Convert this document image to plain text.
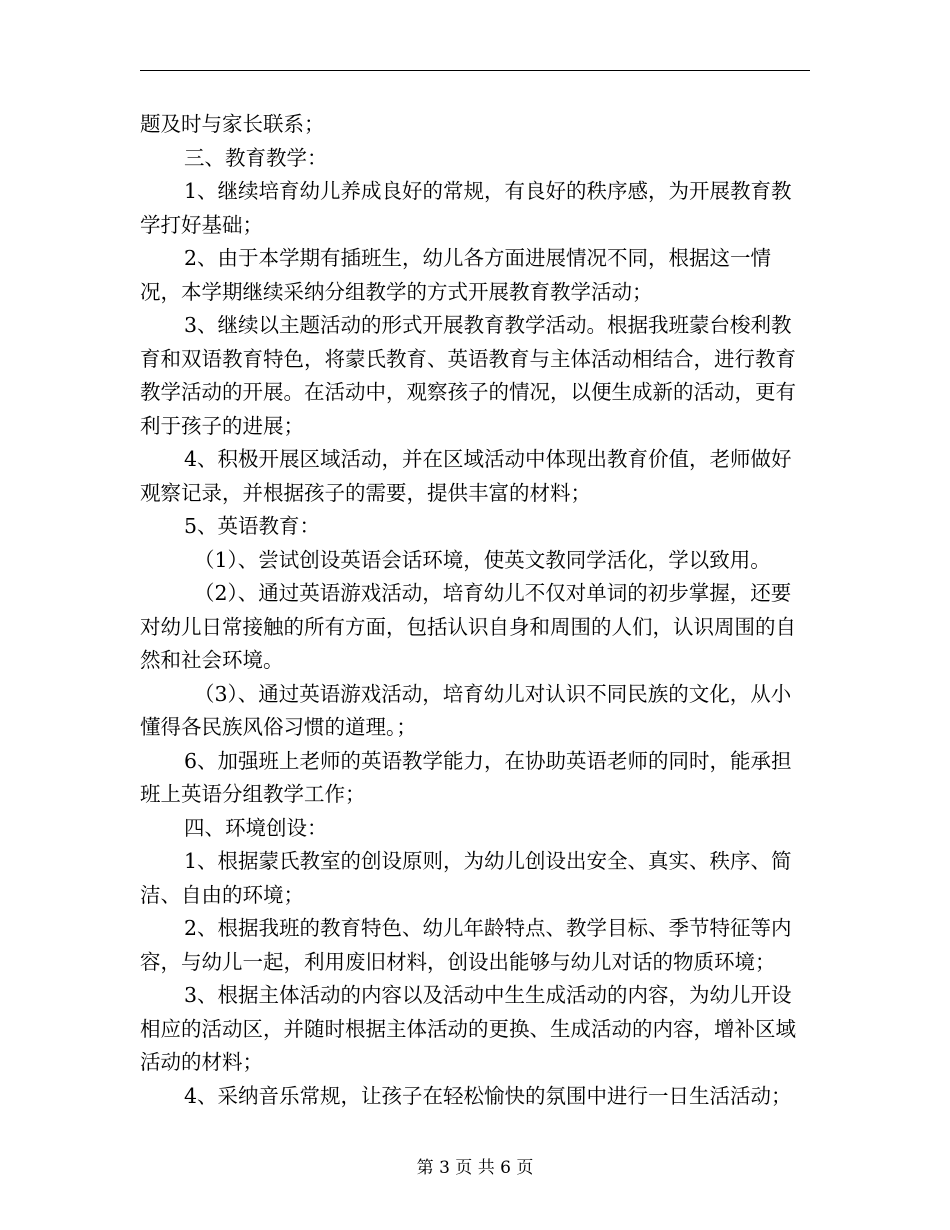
题及时与家长联系；

三、教育教学：

1、继续培育幼儿养成良好的常规，有良好的秩序感，为开展教育教学打好基础；

2、由于本学期有插班生，幼儿各方面进展情况不同，根据这一情况，本学期继续采纳分组教学的方式开展教育教学活动；

3、继续以主题活动的形式开展教育教学活动。根据我班蒙台梭利教育和双语教育特色，将蒙氏教育、英语教育与主体活动相结合，进行教育教学活动的开展。在活动中，观察孩子的情况，以便生成新的活动，更有利于孩子的进展；

4、积极开展区域活动，并在区域活动中体现出教育价值，老师做好观察记录，并根据孩子的需要，提供丰富的材料；

5、英语教育：

（1）、尝试创设英语会话环境，使英文教同学活化，学以致用。

（2）、通过英语游戏活动，培育幼儿不仅对单词的初步掌握，还要对幼儿日常接触的所有方面，包括认识自身和周围的人们，认识周围的自然和社会环境。

（3）、通过英语游戏活动，培育幼儿对认识不同民族的文化，从小懂得各民族风俗习惯的道理。；

6、加强班上老师的英语教学能力，在协助英语老师的同时，能承担班上英语分组教学工作；

四、环境创设：

1、根据蒙氏教室的创设原则，为幼儿创设出安全、真实、秩序、简洁、自由的环境；

2、根据我班的教育特色、幼儿年龄特点、教学目标、季节特征等内容，与幼儿一起，利用废旧材料，创设出能够与幼儿对话的物质环境；

3、根据主体活动的内容以及活动中生生成活动的内容，为幼儿开设相应的活动区，并随时根据主体活动的更换、生成活动的内容，增补区域活动的材料；

4、采纳音乐常规，让孩子在轻松愉快的氛围中进行一日生活活动；

第 3 页 共 6 页
